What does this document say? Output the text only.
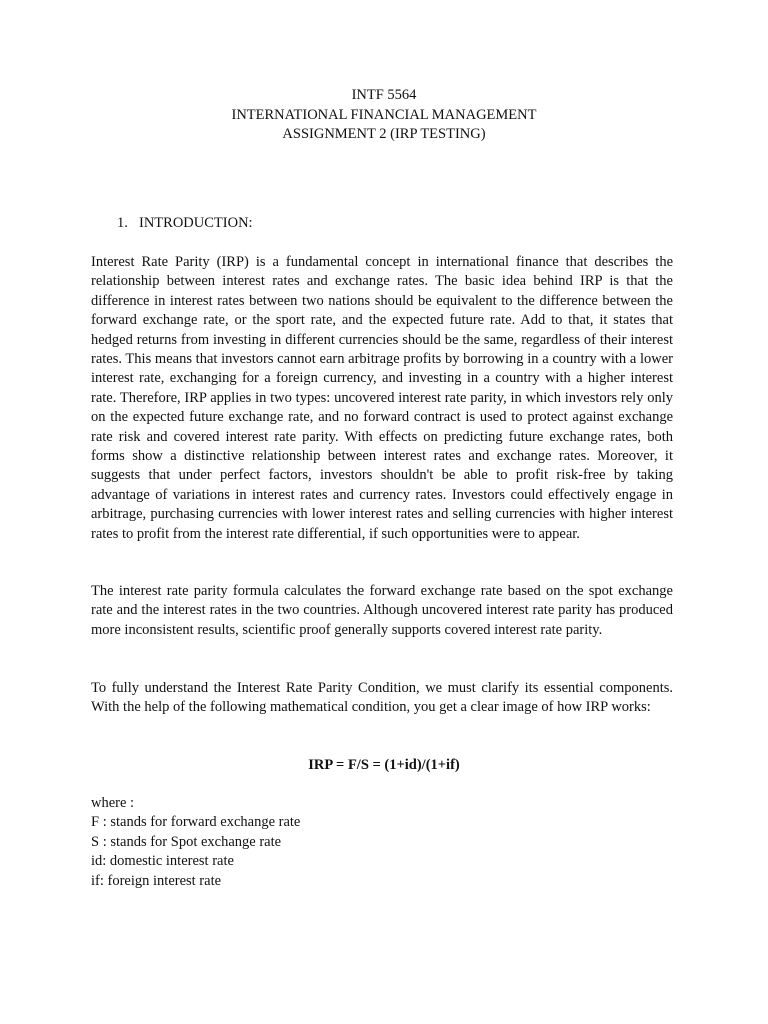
INTF 5564
INTERNATIONAL FINANCIAL MANAGEMENT
ASSIGNMENT 2 (IRP TESTING)
1. INTRODUCTION:

Interest Rate Parity (IRP) is a fundamental concept in international finance that describes the relationship between interest rates and exchange rates. The basic idea behind IRP is that the difference in interest rates between two nations should be equivalent to the difference between the forward exchange rate, or the sport rate, and the expected future rate. Add to that, it states that hedged returns from investing in different currencies should be the same, regardless of their interest rates. This means that investors cannot earn arbitrage profits by borrowing in a country with a lower interest rate, exchanging for a foreign currency, and investing in a country with a higher interest rate. Therefore, IRP applies in two types: uncovered interest rate parity, in which investors rely only on the expected future exchange rate, and no forward contract is used to protect against exchange rate risk and covered interest rate parity. With effects on predicting future exchange rates, both forms show a distinctive relationship between interest rates and exchange rates. Moreover, it suggests that under perfect factors, investors shouldn't be able to profit risk-free by taking advantage of variations in interest rates and currency rates. Investors could effectively engage in arbitrage, purchasing currencies with lower interest rates and selling currencies with higher interest rates to profit from the interest rate differential, if such opportunities were to appear.

The interest rate parity formula calculates the forward exchange rate based on the spot exchange rate and the interest rates in the two countries. Although uncovered interest rate parity has produced more inconsistent results, scientific proof generally supports covered interest rate parity.

To fully understand the Interest Rate Parity Condition, we must clarify its essential components. With the help of the following mathematical condition, you get a clear image of how IRP works:

IRP = F/S = (1+id)/(1+if)
where :
F : stands for forward exchange rate
S : stands for Spot exchange rate
id: domestic interest rate
if: foreign interest rate
